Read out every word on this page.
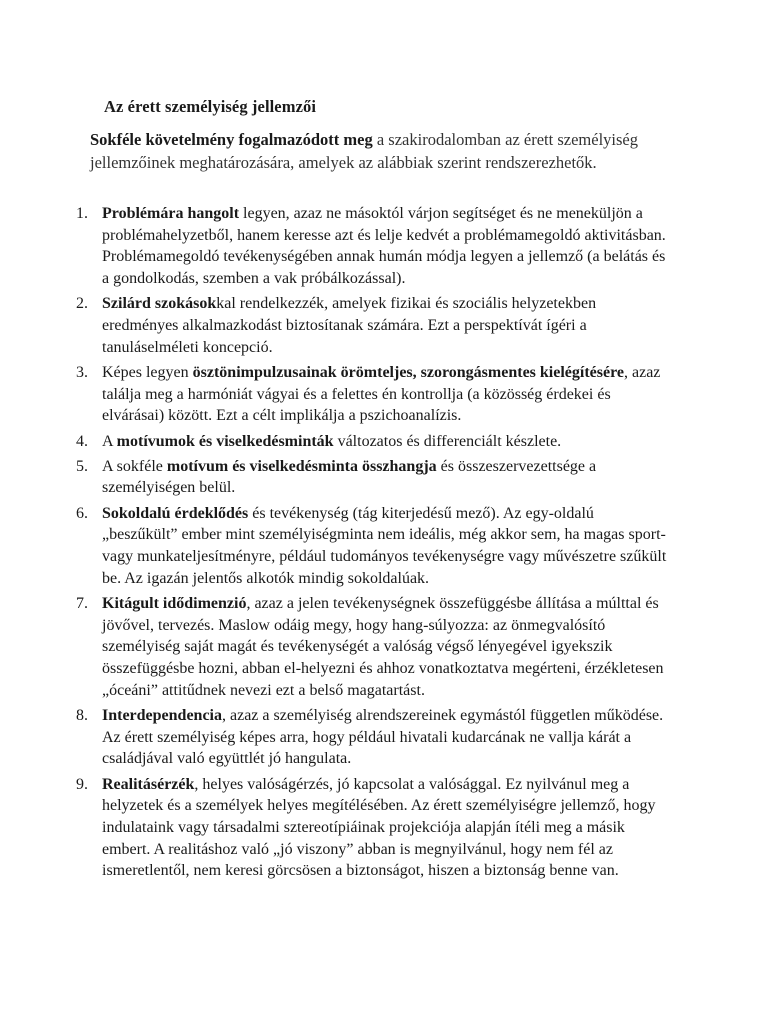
Az érett személyiség jellemzői

Sokféle követelmény fogalmazódott meg a szakirodalomban az érett személyiség jellemzőinek meghatározására, amelyek az alábbiak szerint rendszerezhetők.

1. Problémára hangolt legyen, azaz ne másoktól várjon segítséget és ne meneküljön a problémahelyzetből, hanem keresse azt és lelje kedvét a problémamegoldó aktivitásban. Problémamegoldó tevékenységében annak humán módja legyen a jellemző (a belátás és a gondolkodás, szemben a vak próbálkozással).
2. Szilárd szokásokkal rendelkezzék, amelyek fizikai és szociális helyzetekben eredményes alkalmazkodást biztosítanak számára. Ezt a perspektívát ígéri a tanuláselméleti koncepció.
3. Képes legyen ösztönimpulzusainak örömteljes, szorongásmentes kielégítésére, azaz találja meg a harmóniát vágyai és a felettes én kontrollja (a közösség érdekei és elvárásai) között. Ezt a célt implikálja a pszichoanalízis.
4. A motívumok és viselkedésminták változatos és differenciált készlete.
5. A sokféle motívum és viselkedésminta összhangja és összeszervezettsége a személyiségen belül.
6. Sokoldalú érdeklődés és tevékenység (tág kiterjedésű mező). Az egy-oldalú „beszűkült” ember mint személyiségminta nem ideális, még akkor sem, ha magas sport- vagy munkateljesítményre, például tudományos tevékenységre vagy művészetre szűkült be. Az igazán jelentős alkotók mindig sokoldalúak.
7. Kitágult idődimenzió, azaz a jelen tevékenységnek összefüggésbe állítása a múlttal és jövővel, tervezés. Maslow odáig megy, hogy hang-súlyozza: az önmegvalósító személyiség saját magát és tevékenységét a valóság végső lényegével igyekszik összefüggésbe hozni, abban el-helyezni és ahhoz vonatkoztatva megérteni, érzékletesen „óceáni” attitűdnek nevezi ezt a belső magatartást.
8. Interdependencia, azaz a személyiség alrendszereinek egymástól független működése. Az érett személyiség képes arra, hogy például hivatali kudarcának ne vallja kárát a családjával való együttlét jó hangulata.
9. Realitásérzék, helyes valóságérzés, jó kapcsolat a valósággal. Ez nyilvánul meg a helyzetek és a személyek helyes megítélésében. Az érett személyiségre jellemző, hogy indulataink vagy társadalmi sztereotípiáinak projekciója alapján ítéli meg a másik embert. A realitáshoz való „jó viszony” abban is megnyilvánul, hogy nem fél az ismeretlentől, nem keresi görcsösen a biztonságot, hiszen a biztonság benne van.
